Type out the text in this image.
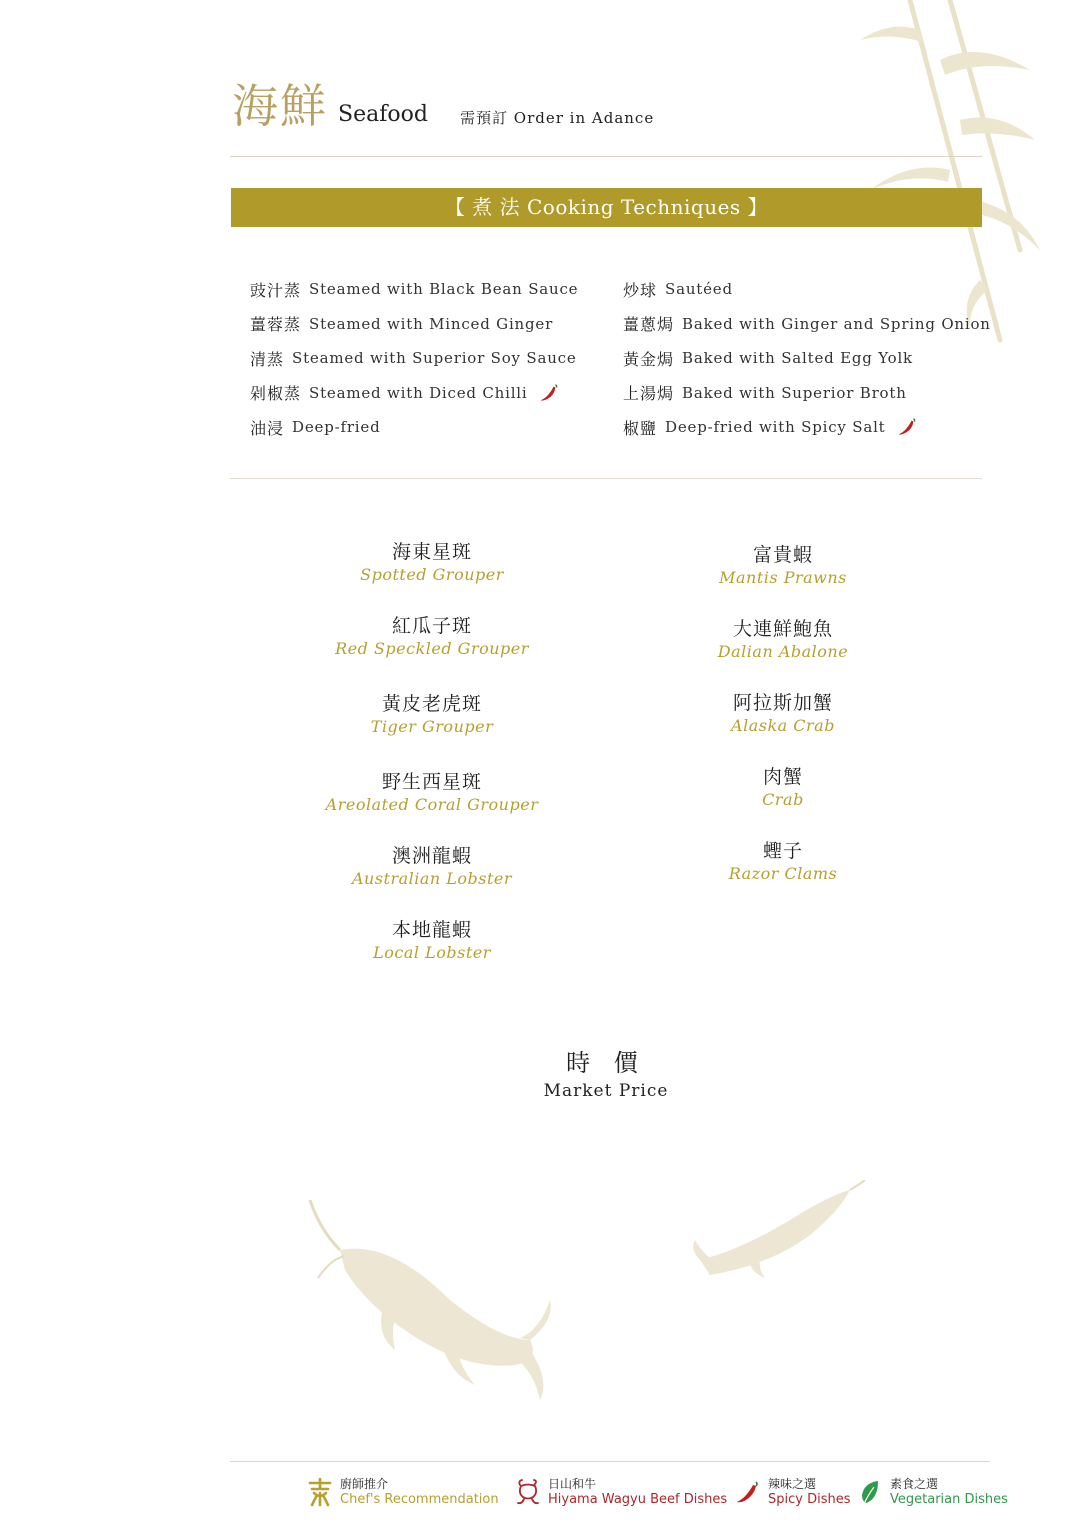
海鮮 Seafood 需預訂 Order in Adance
【 煮 法 Cooking Techniques 】
豉汁蒸 Steamed with Black Bean Sauce
薑蓉蒸 Steamed with Minced Ginger
清蒸 Steamed with Superior Soy Sauce
剁椒蒸 Steamed with Diced Chilli
油浸 Deep-fried
炒球 Sautéed
薑蔥焗 Baked with Ginger and Spring Onion
黃金焗 Baked with Salted Egg Yolk
上湯焗 Baked with Superior Broth
椒鹽 Deep-fried with Spicy Salt
海東星斑
Spotted Grouper
紅瓜子斑
Red Speckled Grouper
黃皮老虎斑
Tiger Grouper
野生西星斑
Areolated Coral Grouper
澳洲龍蝦
Australian Lobster
本地龍蝦
Local Lobster
富貴蝦
Mantis Prawns
大連鮮鮑魚
Dalian Abalone
阿拉斯加蟹
Alaska Crab
肉蟹
Crab
蟶子
Razor Clams
時 價
Market Price
廚師推介
Chef's Recommendation
日山和牛
Hiyama Wagyu Beef Dishes
辣味之選
Spicy Dishes
素食之選
Vegetarian Dishes
